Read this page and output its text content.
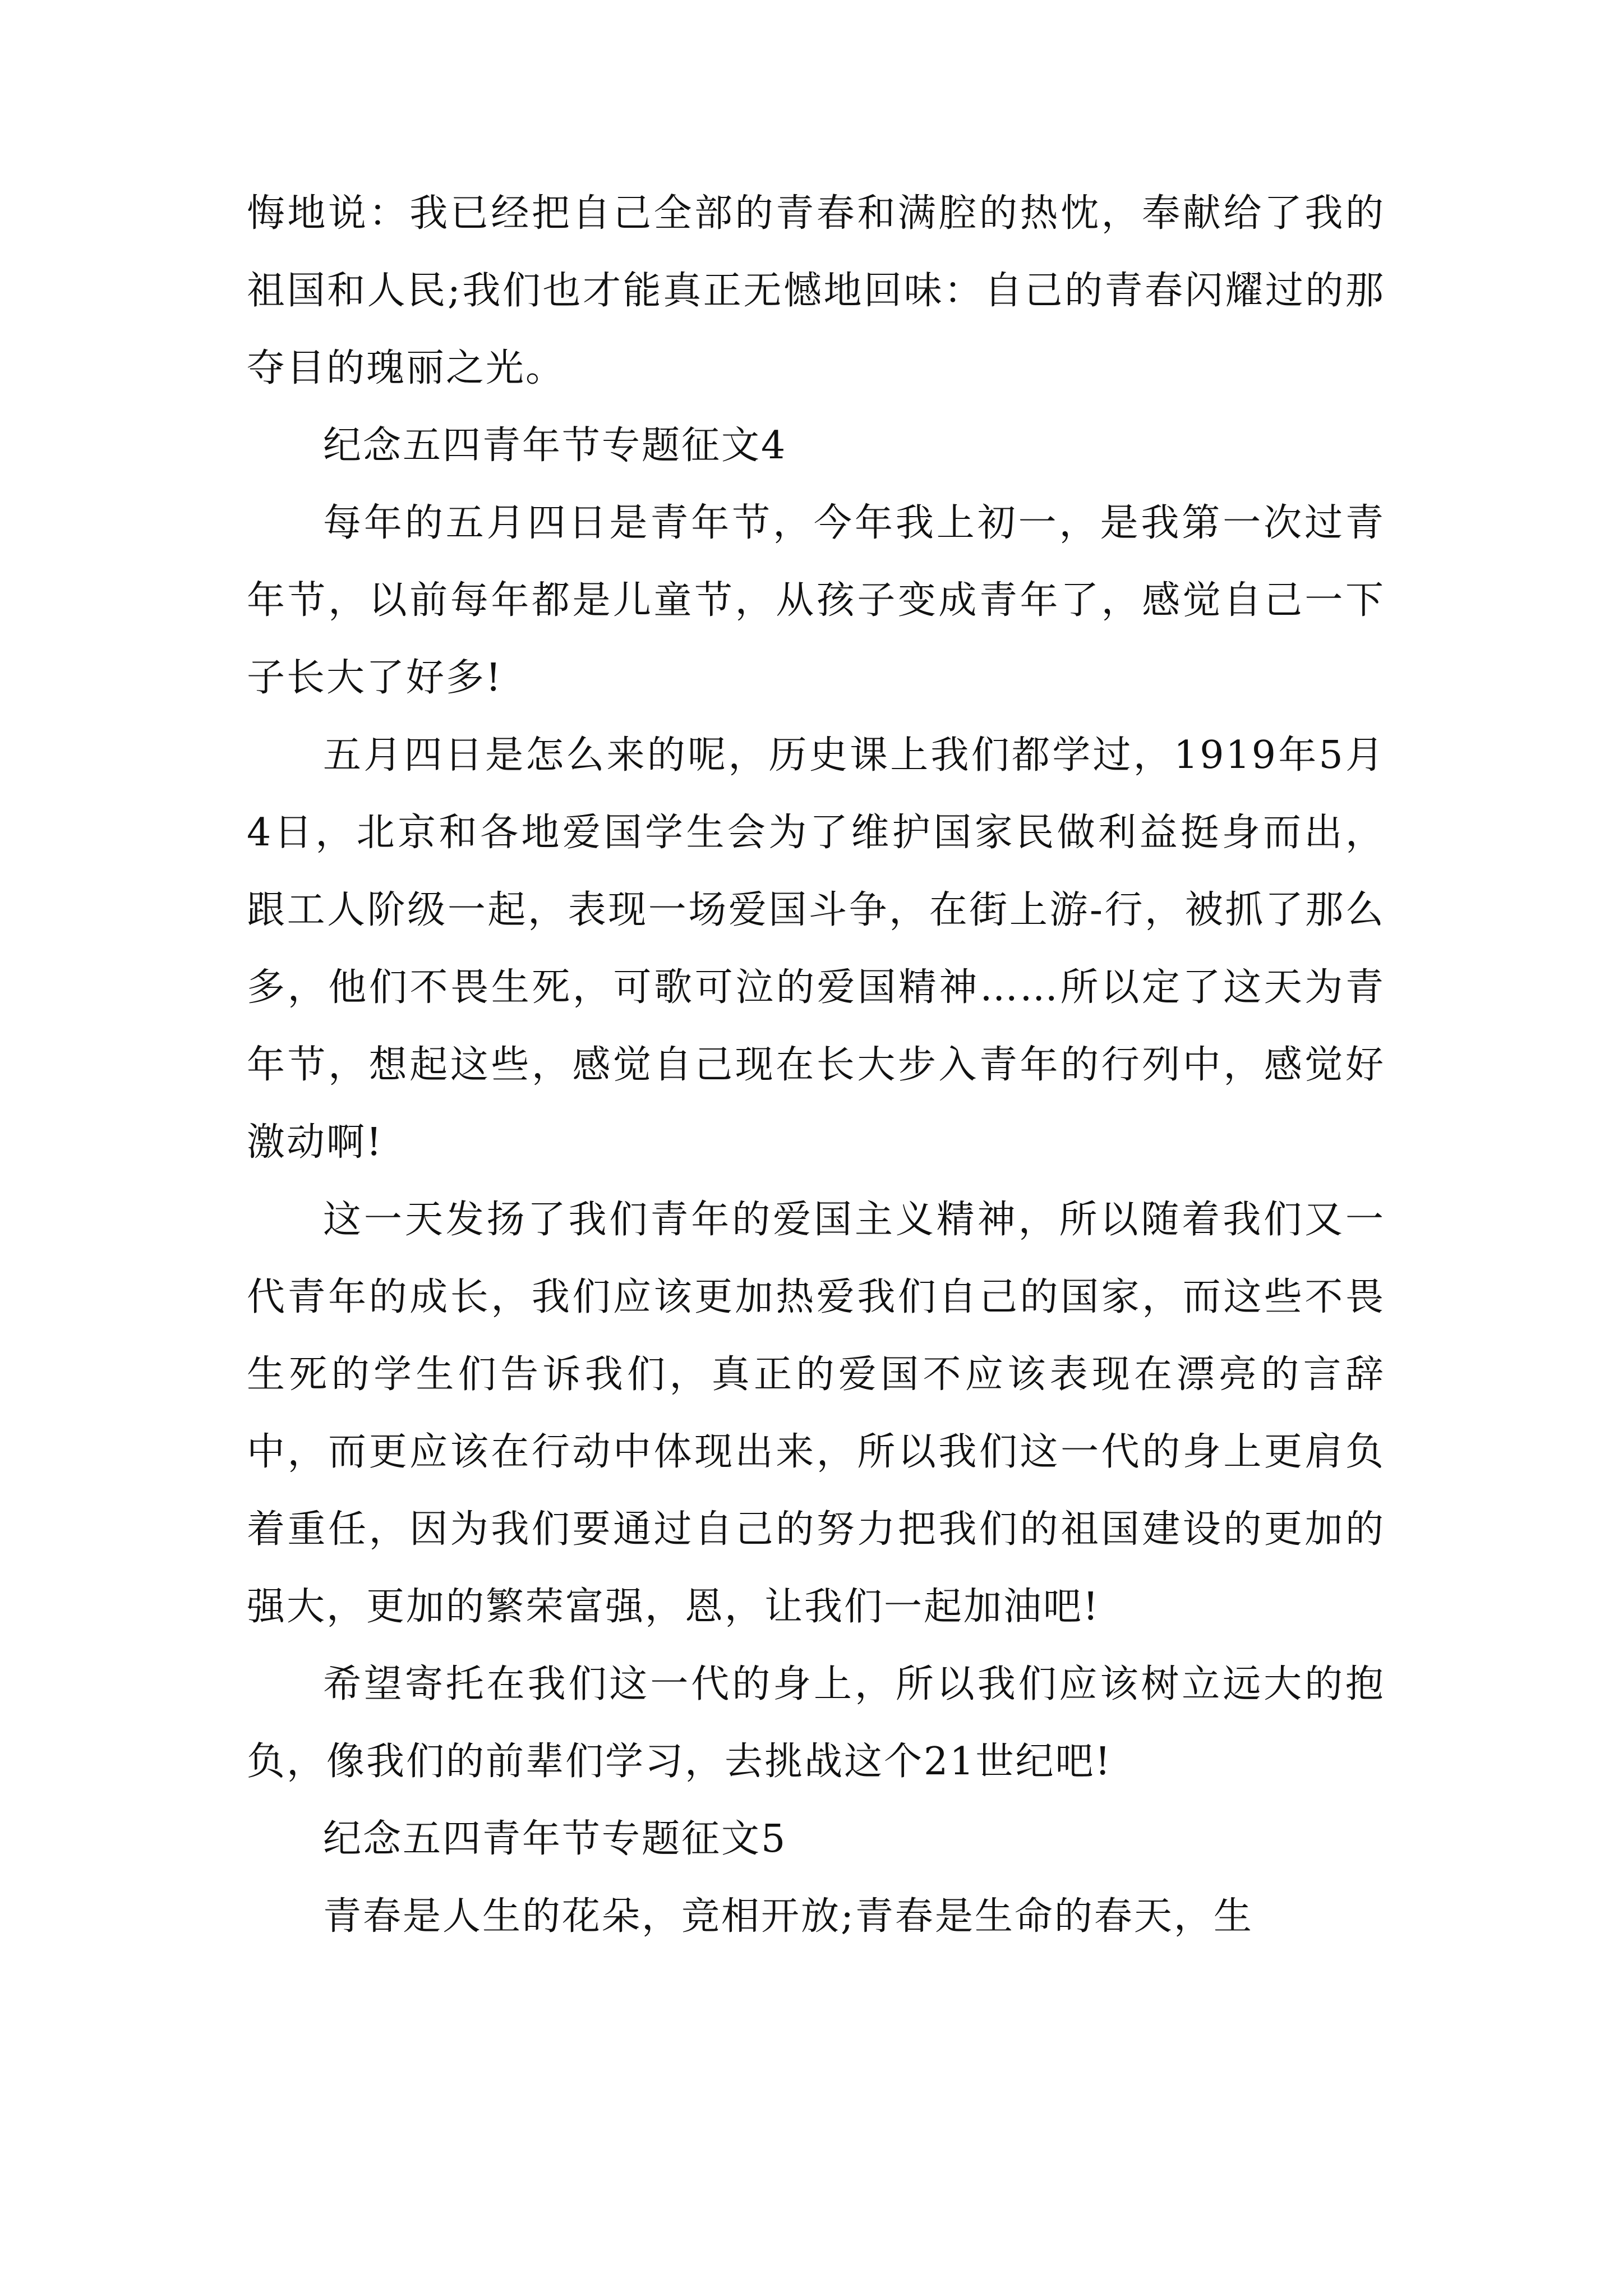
悔地说：我已经把自己全部的青春和满腔的热忱，奉献给了我的祖国和人民;我们也才能真正无憾地回味：自己的青春闪耀过的那夺目的瑰丽之光。

纪念五四青年节专题征文4

每年的五月四日是青年节，今年我上初一，是我第一次过青年节，以前每年都是儿童节，从孩子变成青年了，感觉自己一下子长大了好多!

五月四日是怎么来的呢，历史课上我们都学过，1919年5月4日，北京和各地爱国学生会为了维护国家民做利益挺身而出，跟工人阶级一起，表现一场爱国斗争，在街上游-行，被抓了那么多，他们不畏生死，可歌可泣的爱国精神……所以定了这天为青年节，想起这些，感觉自己现在长大步入青年的行列中，感觉好激动啊!

这一天发扬了我们青年的爱国主义精神，所以随着我们又一代青年的成长，我们应该更加热爱我们自己的国家，而这些不畏生死的学生们告诉我们，真正的爱国不应该表现在漂亮的言辞中，而更应该在行动中体现出来，所以我们这一代的身上更肩负着重任，因为我们要通过自己的努力把我们的祖国建设的更加的强大，更加的繁荣富强，恩，让我们一起加油吧!

希望寄托在我们这一代的身上，所以我们应该树立远大的抱负，像我们的前辈们学习，去挑战这个21世纪吧!

纪念五四青年节专题征文5

青春是人生的花朵，竞相开放;青春是生命的春天，生
